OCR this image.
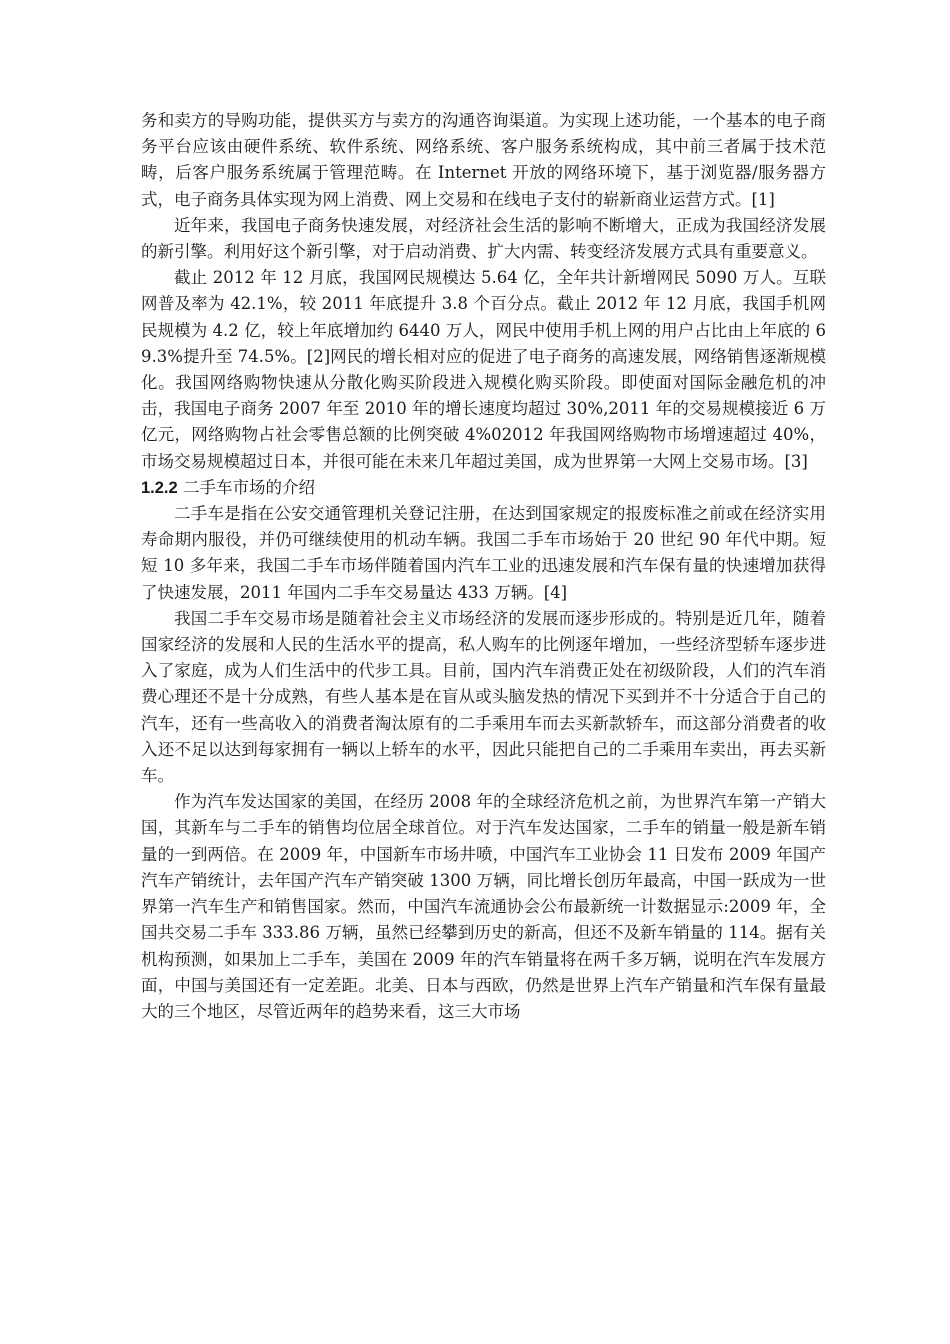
务和卖方的导购功能，提供买方与卖方的沟通咨询渠道。为实现上述功能，一个基本的电子商务平台应该由硬件系统、软件系统、网络系统、客户服务系统构成，其中前三者属于技术范畴，后客户服务系统属于管理范畴。在 Internet 开放的网络环境下，基于浏览器/服务器方式，电子商务具体实现为网上消费、网上交易和在线电子支付的崭新商业运营方式。[1]

近年来，我国电子商务快速发展，对经济社会生活的影响不断增大，正成为我国经济发展的新引擎。利用好这个新引擎，对于启动消费、扩大内需、转变经济发展方式具有重要意义。

截止 2012 年 12 月底，我国网民规模达 5.64 亿，全年共计新增网民 5090 万人。互联网普及率为 42.1%，较 2011 年底提升 3.8 个百分点。截止 2012 年 12 月底，我国手机网民规模为 4.2 亿，较上年底增加约 6440 万人，网民中使用手机上网的用户占比由上年底的 69.3%提升至 74.5%。[2]网民的增长相对应的促进了电子商务的高速发展，网络销售逐渐规模化。我国网络购物快速从分散化购买阶段进入规模化购买阶段。即使面对国际金融危机的冲击，我国电子商务 2007 年至 2010 年的增长速度均超过 30%,2011 年的交易规模接近 6 万亿元，网络购物占社会零售总额的比例突破 4%02012 年我国网络购物市场增速超过 40%，市场交易规模超过日本，并很可能在未来几年超过美国，成为世界第一大网上交易市场。[3]

1.2.2 二手车市场的介绍

二手车是指在公安交通管理机关登记注册，在达到国家规定的报废标准之前或在经济实用寿命期内服役，并仍可继续使用的机动车辆。我国二手车市场始于 20 世纪 90 年代中期。短短 10 多年来，我国二手车市场伴随着国内汽车工业的迅速发展和汽车保有量的快速增加获得了快速发展，2011 年国内二手车交易量达 433 万辆。[4]

我国二手车交易市场是随着社会主义市场经济的发展而逐步形成的。特别是近几年，随着国家经济的发展和人民的生活水平的提高，私人购车的比例逐年增加，一些经济型轿车逐步进入了家庭，成为人们生活中的代步工具。目前，国内汽车消费正处在初级阶段，人们的汽车消费心理还不是十分成熟，有些人基本是在盲从或头脑发热的情况下买到并不十分适合于自己的汽车，还有一些高收入的消费者淘汰原有的二手乘用车而去买新款轿车，而这部分消费者的收入还不足以达到每家拥有一辆以上轿车的水平，因此只能把自己的二手乘用车卖出，再去买新车。

作为汽车发达国家的美国，在经历 2008 年的全球经济危机之前，为世界汽车第一产销大国，其新车与二手车的销售均位居全球首位。对于汽车发达国家，二手车的销量一般是新车销量的一到两倍。在 2009 年，中国新车市场井喷，中国汽车工业协会 11 日发布 2009 年国产汽车产销统计，去年国产汽车产销突破 1300 万辆，同比增长创历年最高，中国一跃成为一世界第一汽车生产和销售国家。然而，中国汽车流通协会公布最新统一计数据显示:2009 年，全国共交易二手车 333.86 万辆，虽然已经攀到历史的新高，但还不及新车销量的 114。据有关机构预测，如果加上二手车，美国在 2009 年的汽车销量将在两千多万辆，说明在汽车发展方面，中国与美国还有一定差距。北美、日本与西欧，仍然是世界上汽车产销量和汽车保有量最大的三个地区，尽管近两年的趋势来看，这三大市场
